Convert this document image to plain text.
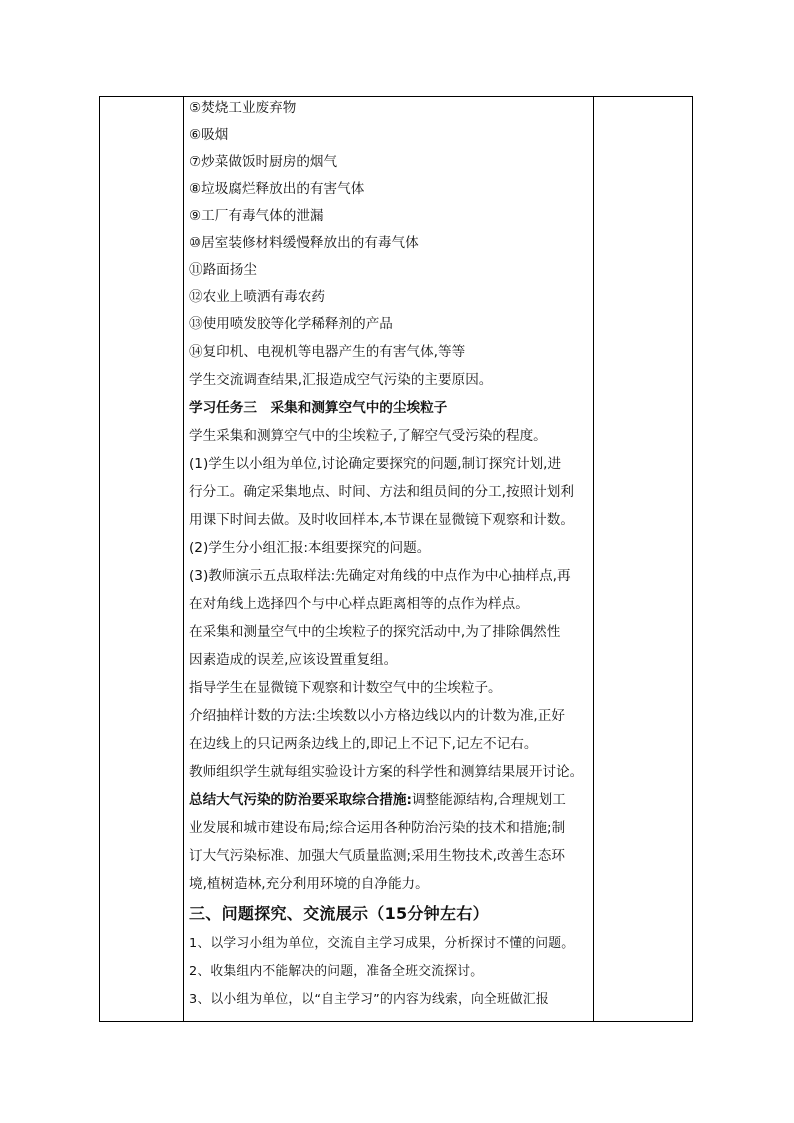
⑤焚烧工业废弃物
⑥吸烟
⑦炒菜做饭时厨房的烟气
⑧垃圾腐烂释放出的有害气体
⑨工厂有毒气体的泄漏
⑩居室装修材料缓慢释放出的有毒气体
⑪路面扬尘
⑫农业上喷洒有毒农药
⑬使用喷发胶等化学稀释剂的产品
⑭复印机、电视机等电器产生的有害气体,等等
学生交流调查结果,汇报造成空气污染的主要原因。
学习任务三　采集和测算空气中的尘埃粒子
学生采集和测算空气中的尘埃粒子,了解空气受污染的程度。
(1)学生以小组为单位,讨论确定要探究的问题,制订探究计划,进
行分工。确定采集地点、时间、方法和组员间的分工,按照计划利
用课下时间去做。及时收回样本,本节课在显微镜下观察和计数。
(2)学生分小组汇报:本组要探究的问题。
(3)教师演示五点取样法:先确定对角线的中点作为中心抽样点,再
在对角线上选择四个与中心样点距离相等的点作为样点。
在采集和测量空气中的尘埃粒子的探究活动中,为了排除偶然性
因素造成的误差,应该设置重复组。
指导学生在显微镜下观察和计数空气中的尘埃粒子。
介绍抽样计数的方法:尘埃数以小方格边线以内的计数为准,正好
在边线上的只记两条边线上的,即记上不记下,记左不记右。
教师组织学生就每组实验设计方案的科学性和测算结果展开讨论。
总结大气污染的防治要采取综合措施:调整能源结构,合理规划工
业发展和城市建设布局;综合运用各种防治污染的技术和措施;制
订大气污染标准、加强大气质量监测;采用生物技术,改善生态环
境,植树造林,充分利用环境的自净能力。
三、问题探究、交流展示（15分钟左右）
1、以学习小组为单位，交流自主学习成果，分析探讨不懂的问题。
2、收集组内不能解决的问题，准备全班交流探讨。
3、以小组为单位，以“自主学习”的内容为线索，向全班做汇报
